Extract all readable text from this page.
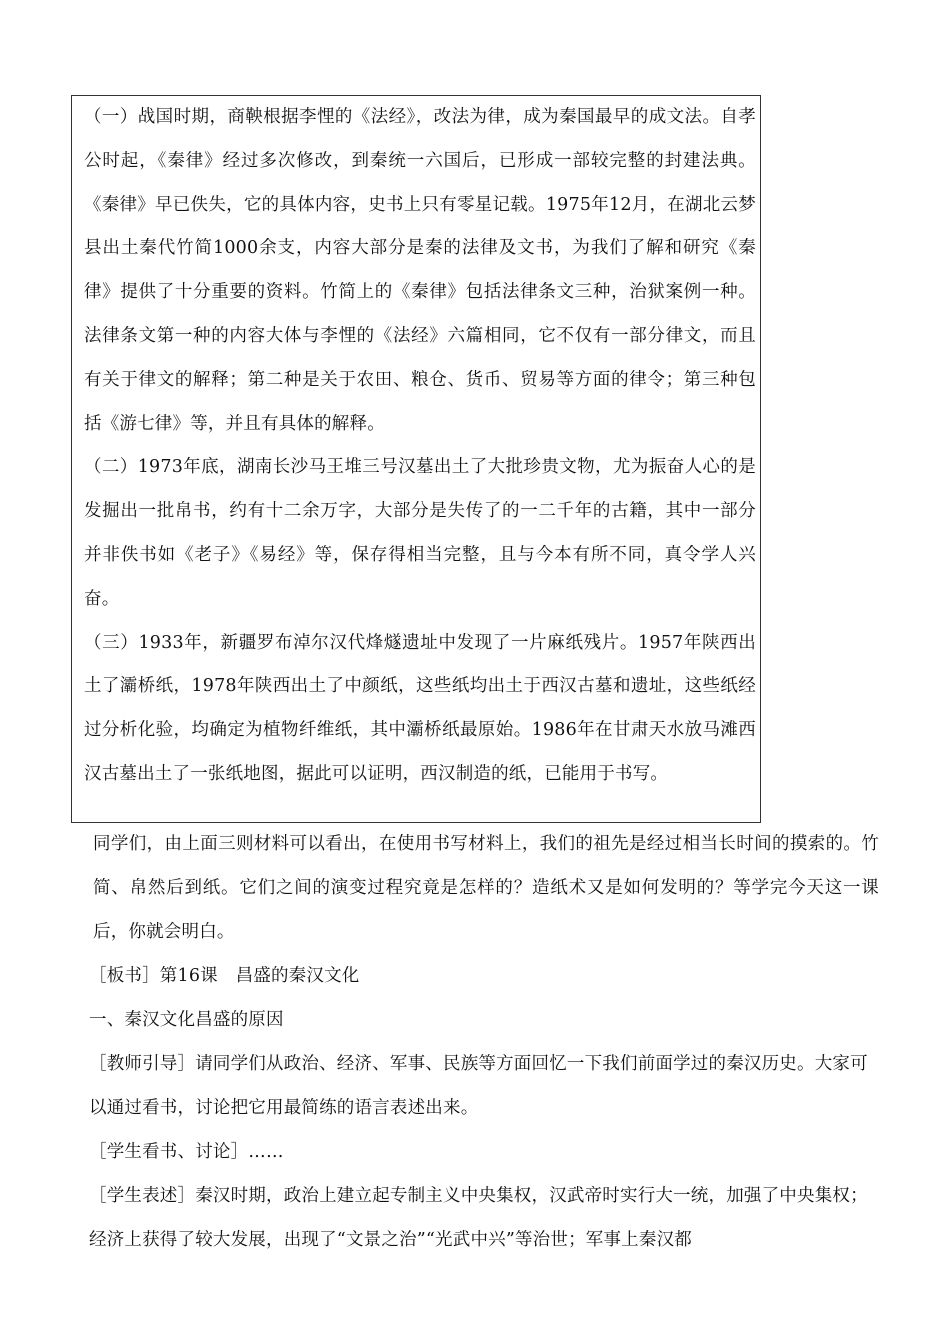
（一）战国时期，商鞅根据李悝的《法经》，改法为律，成为秦国最早的成文法。自孝公时起，《秦律》经过多次修改，到秦统一六国后，已形成一部较完整的封建法典。《秦律》早已佚失，它的具体内容，史书上只有零星记载。1975年12月，在湖北云梦县出土秦代竹简1000余支，内容大部分是秦的法律及文书，为我们了解和研究《秦律》提供了十分重要的资料。竹简上的《秦律》包括法律条文三种，治狱案例一种。法律条文第一种的内容大体与李悝的《法经》六篇相同，它不仅有一部分律文，而且有关于律文的解释；第二种是关于农田、粮仓、货币、贸易等方面的律令；第三种包括《游七律》等，并且有具体的解释。

（二）1973年底，湖南长沙马王堆三号汉墓出土了大批珍贵文物，尤为振奋人心的是发掘出一批帛书，约有十二余万字，大部分是失传了的一二千年的古籍，其中一部分并非佚书如《老子》《易经》等，保存得相当完整，且与今本有所不同，真令学人兴奋。

（三）1933年，新疆罗布淖尔汉代烽燧遗址中发现了一片麻纸残片。1957年陕西出土了灞桥纸，1978年陕西出土了中颜纸，这些纸均出土于西汉古墓和遗址，这些纸经过分析化验，均确定为植物纤维纸，其中灞桥纸最原始。1986年在甘肃天水放马滩西汉古墓出土了一张纸地图，据此可以证明，西汉制造的纸，已能用于书写。

同学们，由上面三则材料可以看出，在使用书写材料上，我们的祖先是经过相当长时间的摸索的。竹简、帛然后到纸。它们之间的演变过程究竟是怎样的？造纸术又是如何发明的？等学完今天这一课后，你就会明白。

［板书］第16课　昌盛的秦汉文化

一、秦汉文化昌盛的原因

［教师引导］请同学们从政治、经济、军事、民族等方面回忆一下我们前面学过的秦汉历史。大家可以通过看书，讨论把它用最简练的语言表述出来。

［学生看书、讨论］……

［学生表述］秦汉时期，政治上建立起专制主义中央集权，汉武帝时实行大一统，加强了中央集权；经济上获得了较大发展，出现了“文景之治”“光武中兴”等治世；军事上秦汉都
